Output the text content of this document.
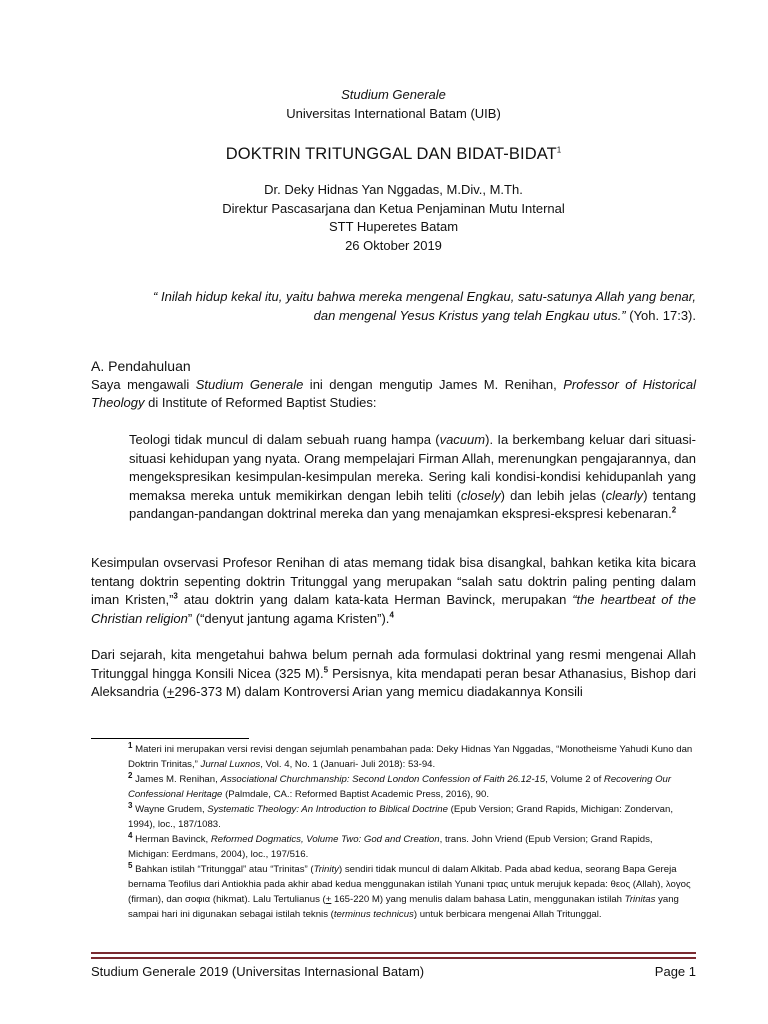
Studium Generale

Universitas International Batam (UIB)

DOKTRIN TRITUNGGAL DAN BIDAT-BIDAT$^1$

Dr. Deky Hidnas Yan Nggadas, M.Div., M.Th.

Direktur Pascasarjana dan Ketua Penjaminan Mutu Internal

STT Huperetes Batam

26 Oktober 2019

“ Inilah hidup kekal itu, yaitu bahwa mereka mengenal Engkau, satu-satunya Allah yang benar,

dan mengenal Yesus Kristus yang telah Engkau utus.” (Yoh. 17:3).

A. Pendahuluan

Saya mengawali Studium Generale ini dengan mengutip James M. Renihan, Professor of Historical Theology di Institute of Reformed Baptist Studies:

Teologi tidak muncul di dalam sebuah ruang hampa (vacuum). Ia berkembang keluar dari situasi-situasi kehidupan yang nyata. Orang mempelajari Firman Allah, merenungkan pengajarannya, dan mengekspresikan kesimpulan-kesimpulan mereka. Sering kali kondisi-kondisi kehidupanlah yang memaksa mereka untuk memikirkan dengan lebih teliti (closely) dan lebih jelas (clearly) tentang pandangan-pandangan doktrinal mereka dan yang menajamkan ekspresi-ekspresi kebenaran.$^2$

Kesimpulan ovservasi Profesor Renihan di atas memang tidak bisa disangkal, bahkan ketika kita bicara tentang doktrin sepenting doktrin Tritunggal yang merupakan “salah satu doktrin paling penting dalam iman Kristen,”$^3$ atau doktrin yang dalam kata-kata Herman Bavinck, merupakan “the heartbeat of the Christian religion” (“denyut jantung agama Kristen”).$^4$

Dari sejarah, kita mengetahui bahwa belum pernah ada formulasi doktrinal yang resmi mengenai Allah Tritunggal hingga Konsili Nicea (325 M).$^5$ Persisnya, kita mendapati peran besar Athanasius, Bishop dari Aleksandria (+296-373 M) dalam Kontroversi Arian yang memicu diadakannya Konsili

$^1$ Materi ini merupakan versi revisi dengan sejumlah penambahan pada: Deky Hidnas Yan Nggadas, “Monotheisme Yahudi Kuno dan Doktrin Trinitas,” Jurnal Luxnos, Vol. 4, No. 1 (Januari- Juli 2018): 53-94.

$^2$ James M. Renihan, Associational Churchmanship: Second London Confession of Faith 26.12-15, Volume 2 of Recovering Our Confessional Heritage (Palmdale, CA.: Reformed Baptist Academic Press, 2016), 90.

$^3$ Wayne Grudem, Systematic Theology: An Introduction to Biblical Doctrine (Epub Version; Grand Rapids, Michigan: Zondervan, 1994), loc., 187/1083.

$^4$ Herman Bavinck, Reformed Dogmatics, Volume Two: God and Creation, trans. John Vriend (Epub Version; Grand Rapids, Michigan: Eerdmans, 2004), loc., 197/516.

$^5$ Bahkan istilah “Tritunggal” atau “Trinitas” (Trinity) sendiri tidak muncul di dalam Alkitab. Pada abad kedua, seorang Bapa Gereja bernama Teofilus dari Antiokhia pada akhir abad kedua menggunakan istilah Yunani τριας untuk merujuk kepada: θεος (Allah), λογος (firman), dan σοφια (hikmat). Lalu Tertulianus (+ 165-220 M) yang menulis dalam bahasa Latin, menggunakan istilah Trinitas yang sampai hari ini digunakan sebagai istilah teknis (terminus technicus) untuk berbicara mengenai Allah Tritunggal.

Studium Generale 2019 (Universitas Internasional Batam)	Page 1
